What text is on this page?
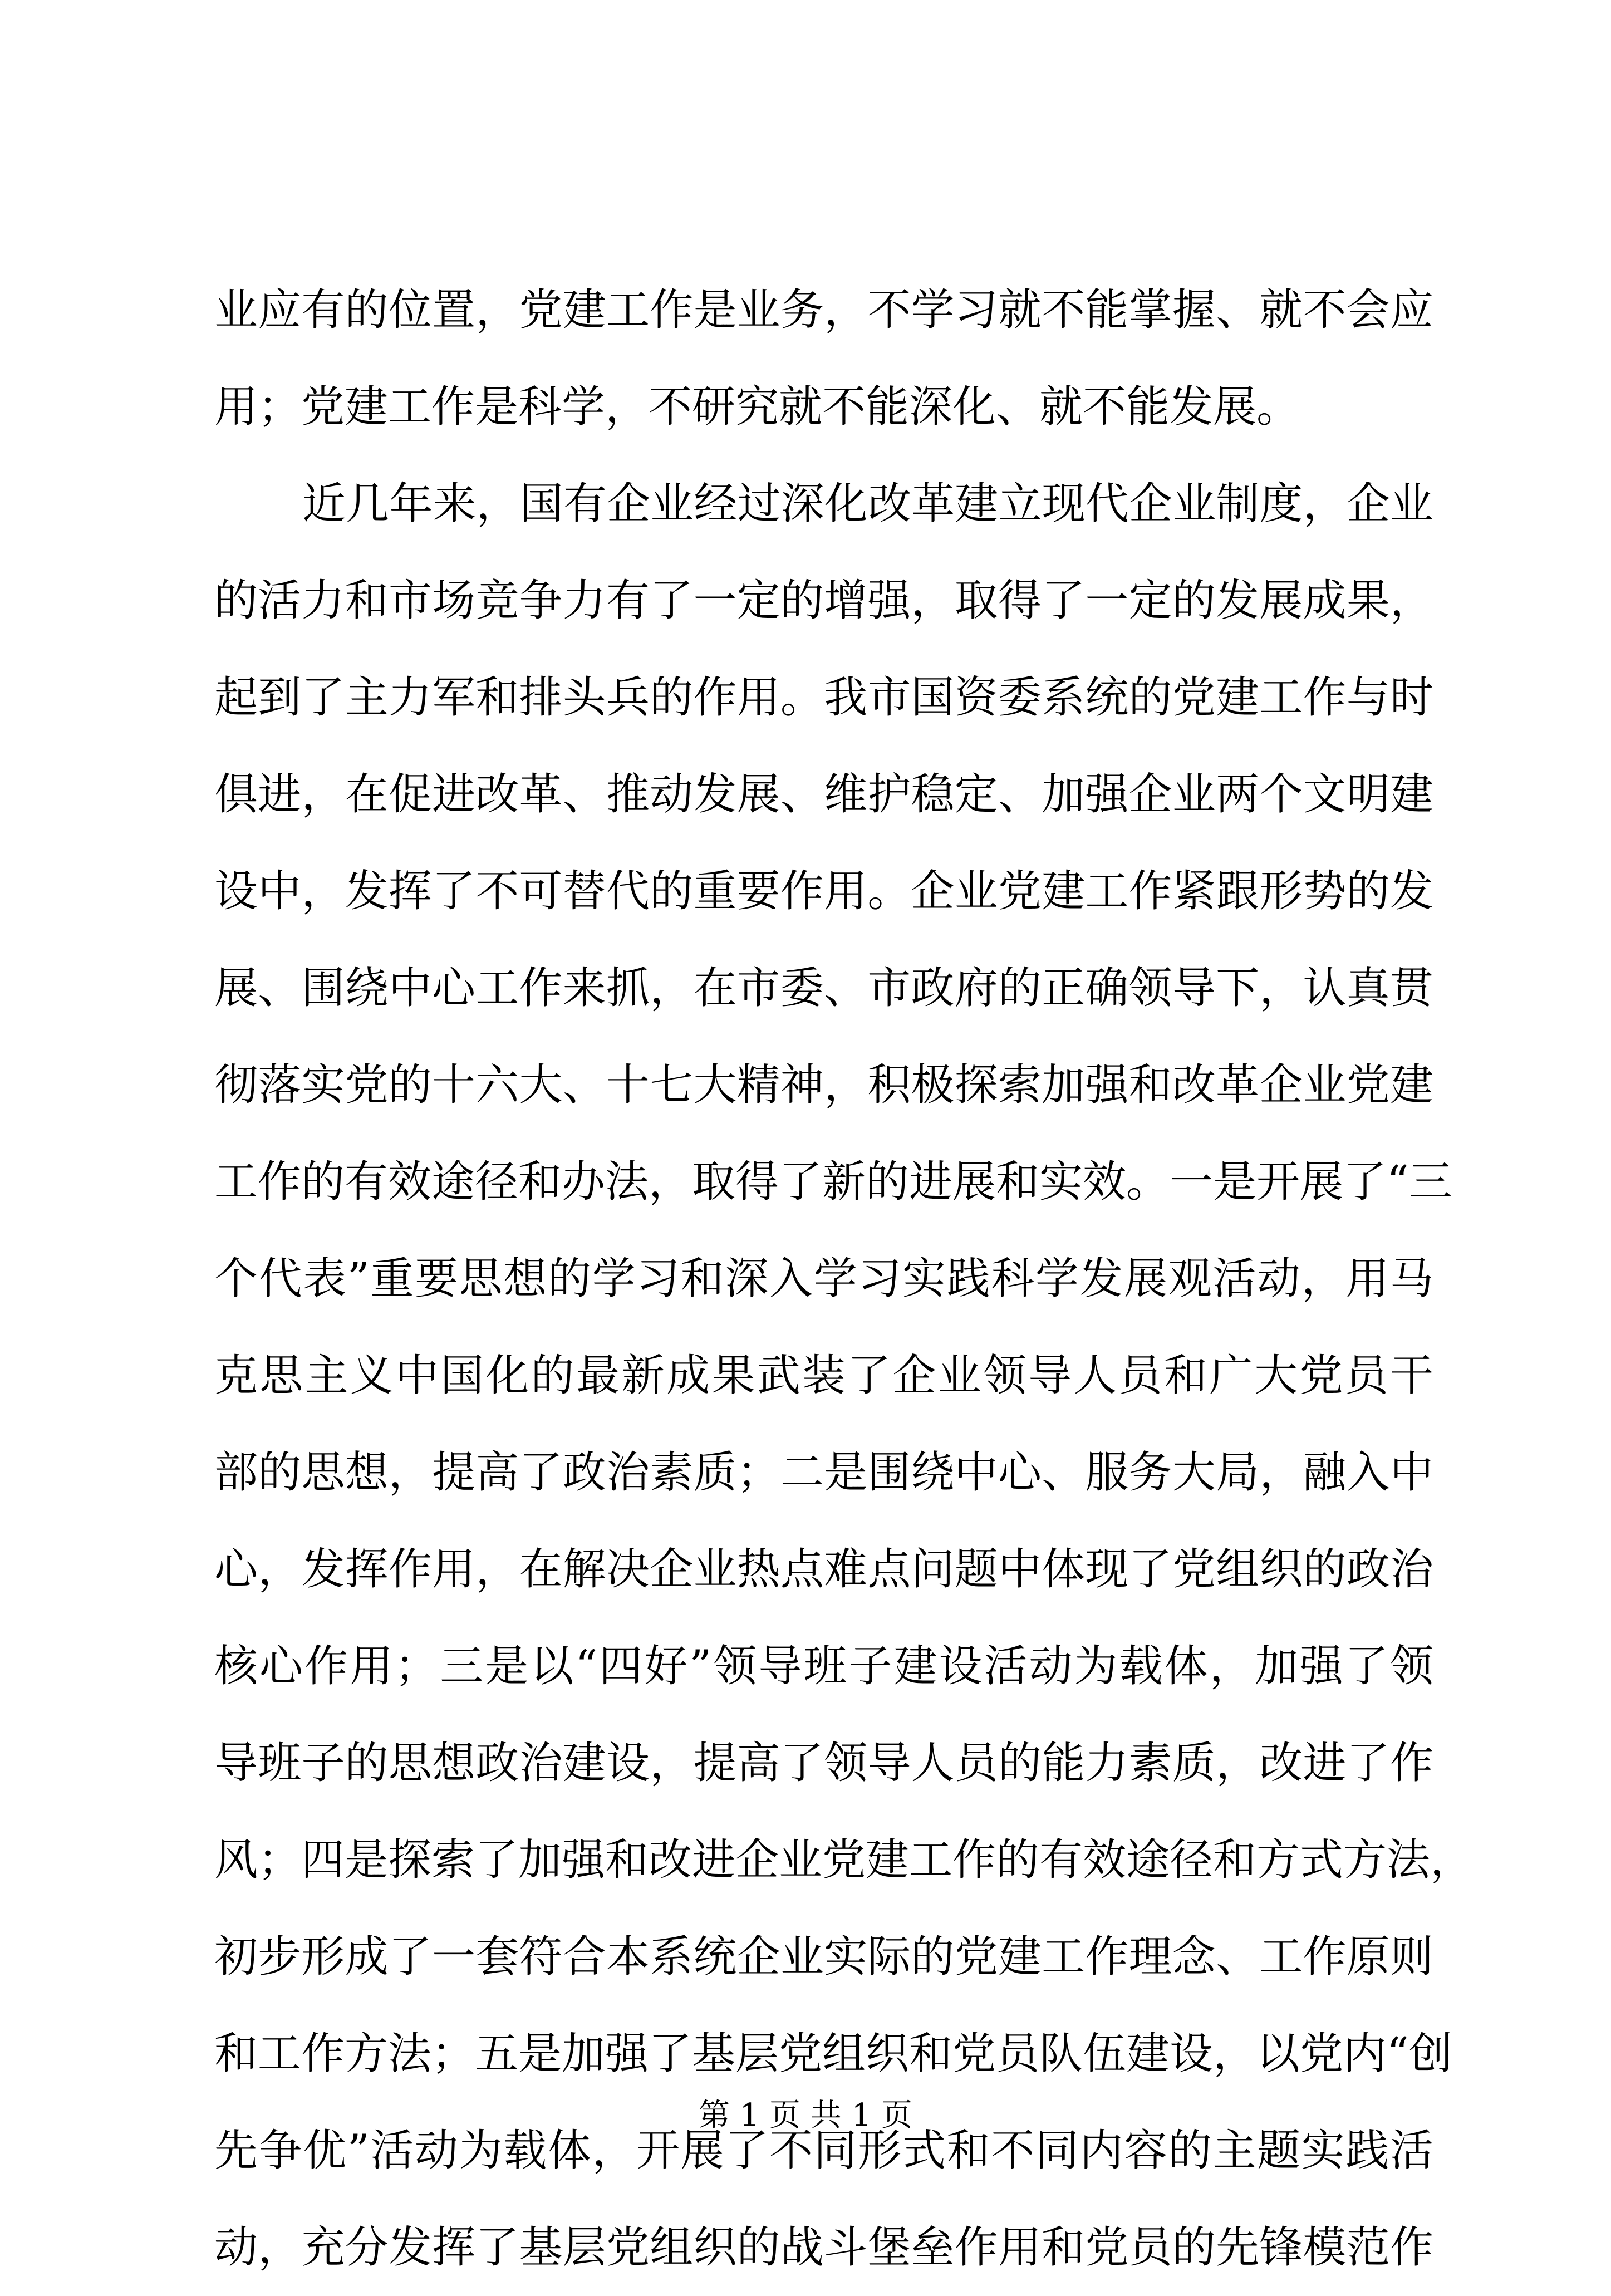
业应有的位置，党建工作是业务，不学习就不能掌握、就不会应
用；党建工作是科学，不研究就不能深化、就不能发展。
近几年来，国有企业经过深化改革建立现代企业制度，企业
的活力和市场竞争力有了一定的增强，取得了一定的发展成果，
起到了主力军和排头兵的作用。我市国资委系统的党建工作与时
俱进，在促进改革、推动发展、维护稳定、加强企业两个文明建
设中，发挥了不可替代的重要作用。企业党建工作紧跟形势的发
展、围绕中心工作来抓，在市委、市政府的正确领导下，认真贯
彻落实党的十六大、十七大精神，积极探索加强和改革企业党建
工作的有效途径和办法，取得了新的进展和实效。一是开展了“三
个代表”重要思想的学习和深入学习实践科学发展观活动，用马
克思主义中国化的最新成果武装了企业领导人员和广大党员干
部的思想，提高了政治素质；二是围绕中心、服务大局，融入中
心，发挥作用，在解决企业热点难点问题中体现了党组织的政治
核心作用；三是以“四好”领导班子建设活动为载体，加强了领
导班子的思想政治建设，提高了领导人员的能力素质，改进了作
风；四是探索了加强和改进企业党建工作的有效途径和方式方法，
初步形成了一套符合本系统企业实际的党建工作理念、工作原则
和工作方法；五是加强了基层党组织和党员队伍建设，以党内“创
先争优”活动为载体，开展了不同形式和不同内容的主题实践活
动，充分发挥了基层党组织的战斗堡垒作用和党员的先锋模范作
第 1 页 共 1 页
